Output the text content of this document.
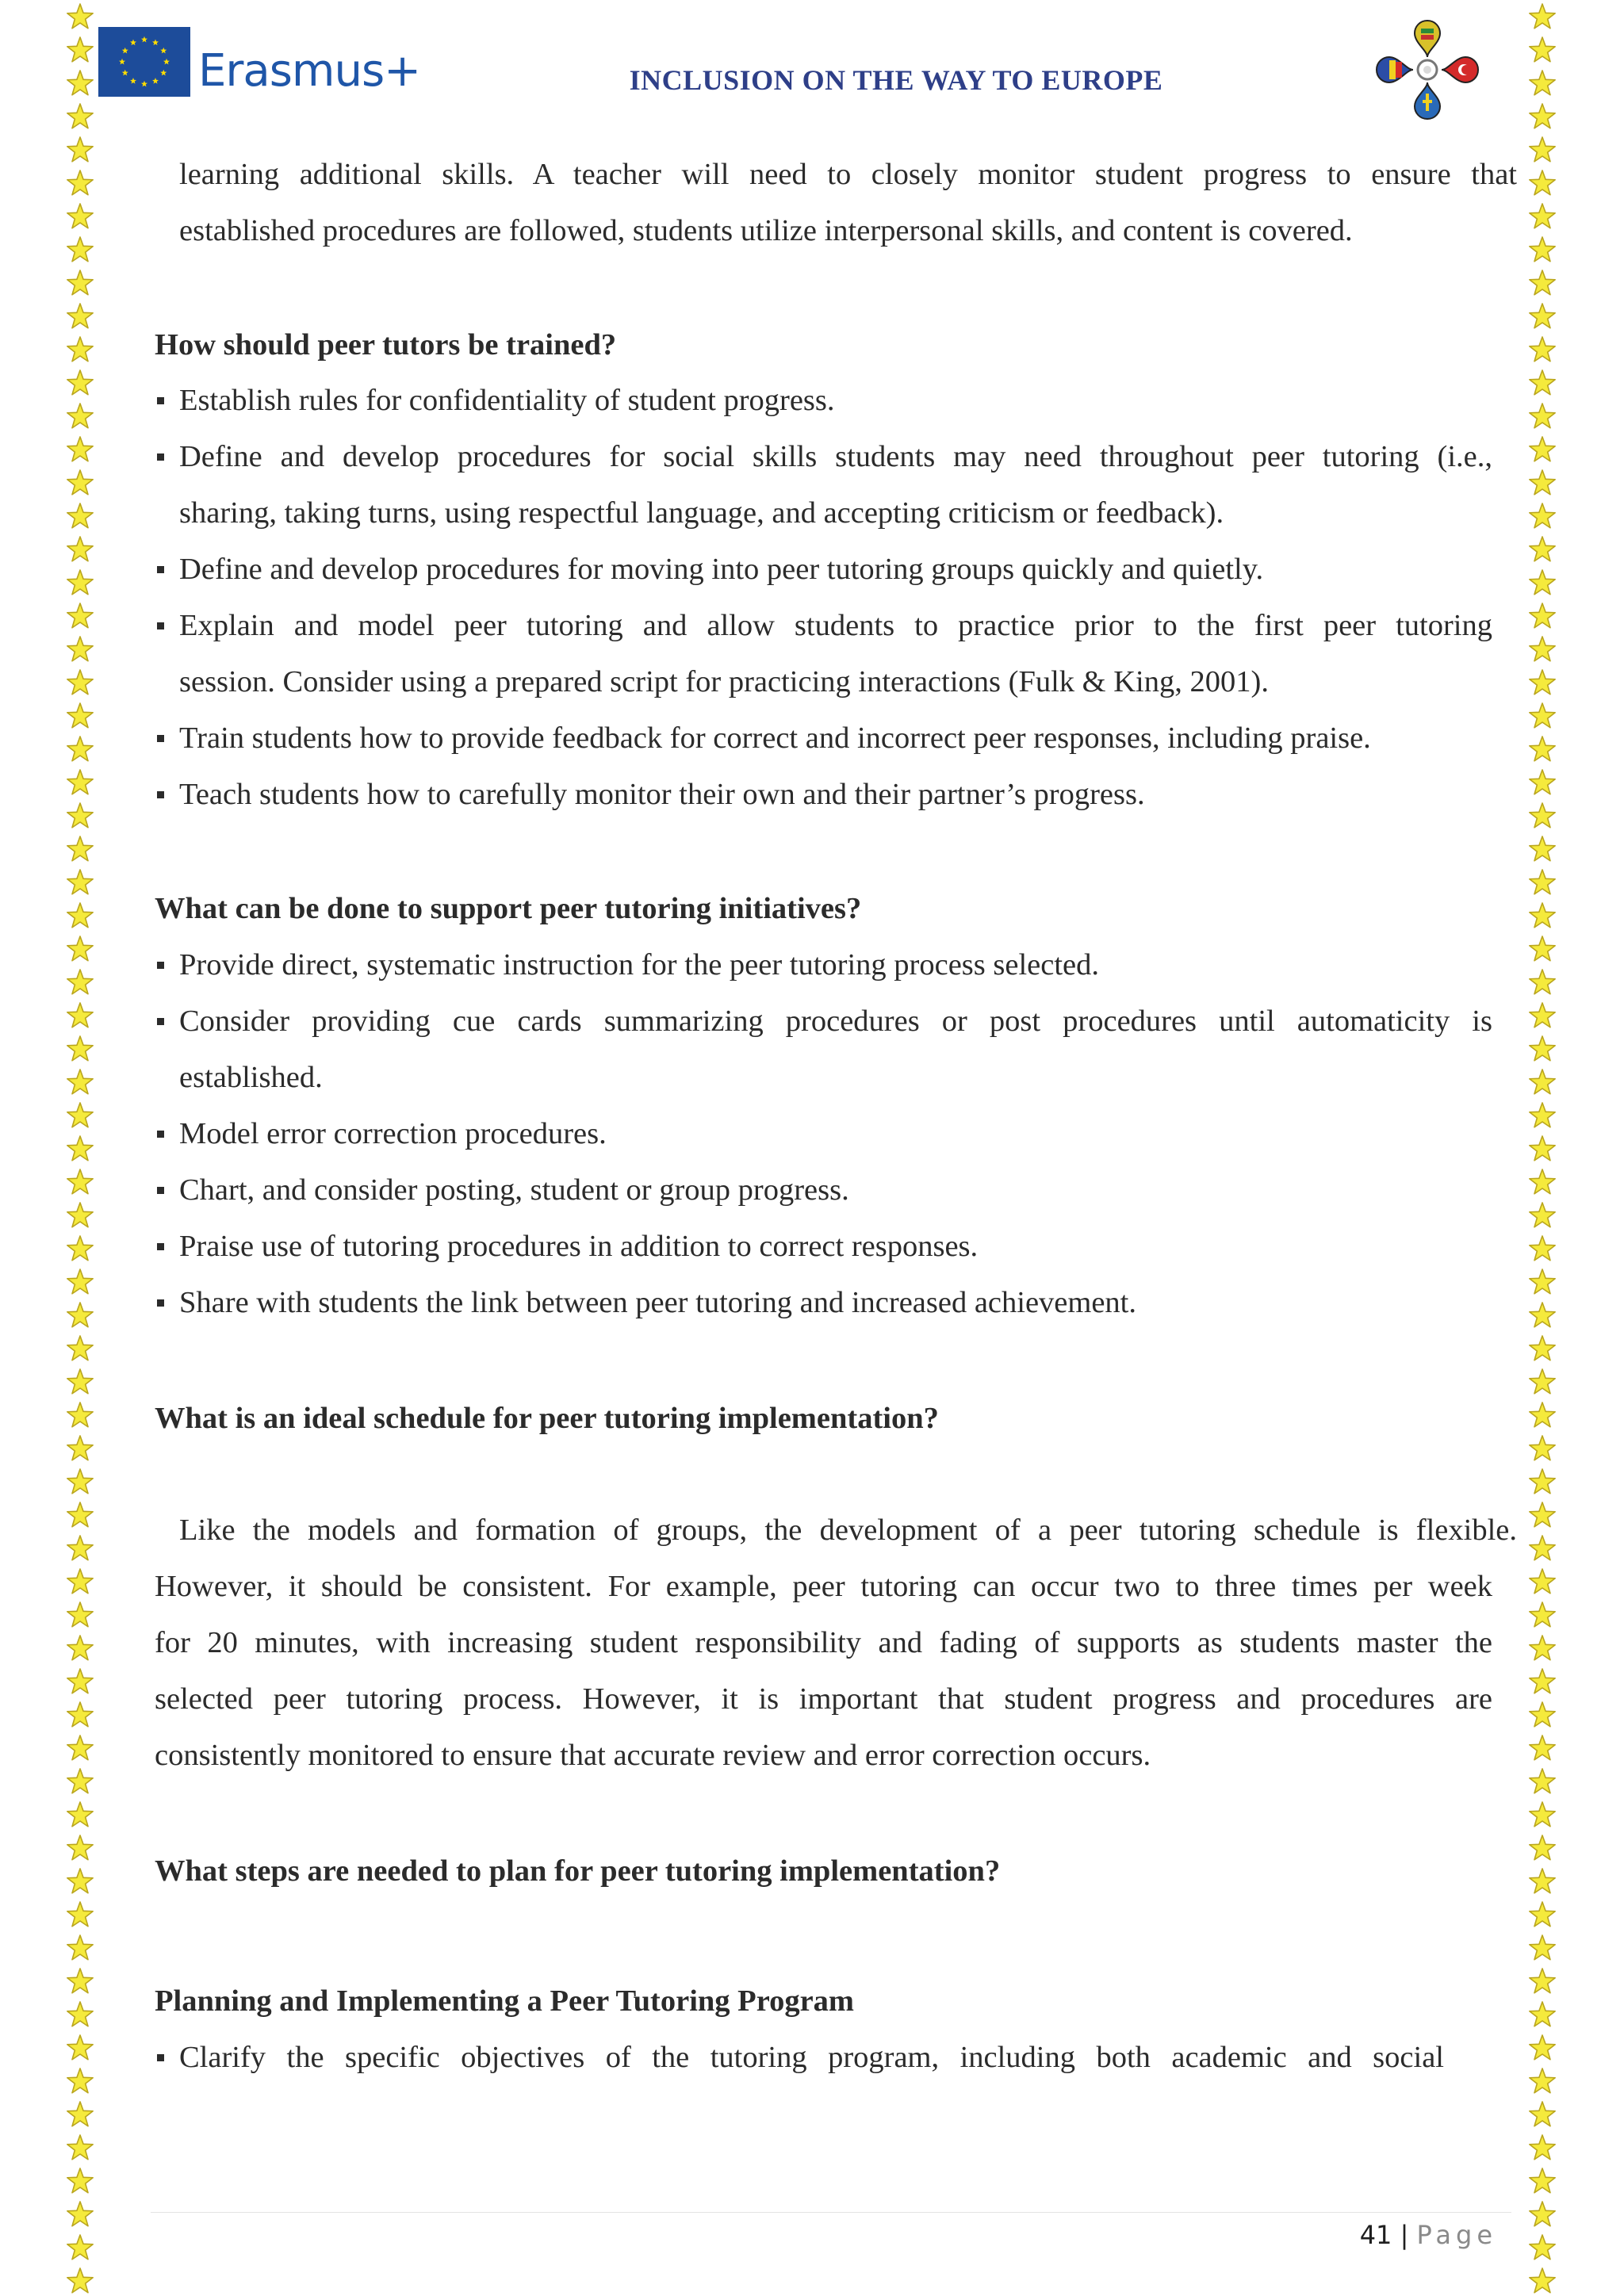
Erasmus+	INCLUSION ON THE WAY TO EUROPE
learning additional skills. A teacher will need to closely monitor student progress to ensure that
established procedures are followed, students utilize interpersonal skills, and content is covered.
How should peer tutors be trained?
Establish rules for confidentiality of student progress.
Define and develop procedures for social skills students may need throughout peer tutoring (i.e.,
sharing, taking turns, using respectful language, and accepting criticism or feedback).
Define and develop procedures for moving into peer tutoring groups quickly and quietly.
Explain and model peer tutoring and allow students to practice prior to the first peer tutoring
session. Consider using a prepared script for practicing interactions (Fulk & King, 2001).
Train students how to provide feedback for correct and incorrect peer responses, including praise.
Teach students how to carefully monitor their own and their partner’s progress.
What can be done to support peer tutoring initiatives?
Provide direct, systematic instruction for the peer tutoring process selected.
Consider providing cue cards summarizing procedures or post procedures until automaticity is
established.
Model error correction procedures.
Chart, and consider posting, student or group progress.
Praise use of tutoring procedures in addition to correct responses.
Share with students the link between peer tutoring and increased achievement.
What is an ideal schedule for peer tutoring implementation?
Like the models and formation of groups, the development of a peer tutoring schedule is flexible.
However, it should be consistent. For example, peer tutoring can occur two to three times per week
for 20 minutes, with increasing student responsibility and fading of supports as students master the
selected peer tutoring process. However, it is important that student progress and procedures are
consistently monitored to ensure that accurate review and error correction occurs.
What steps are needed to plan for peer tutoring implementation?
Planning and Implementing a Peer Tutoring Program
Clarify the specific objectives of the tutoring program, including both academic and social
41 | Page
